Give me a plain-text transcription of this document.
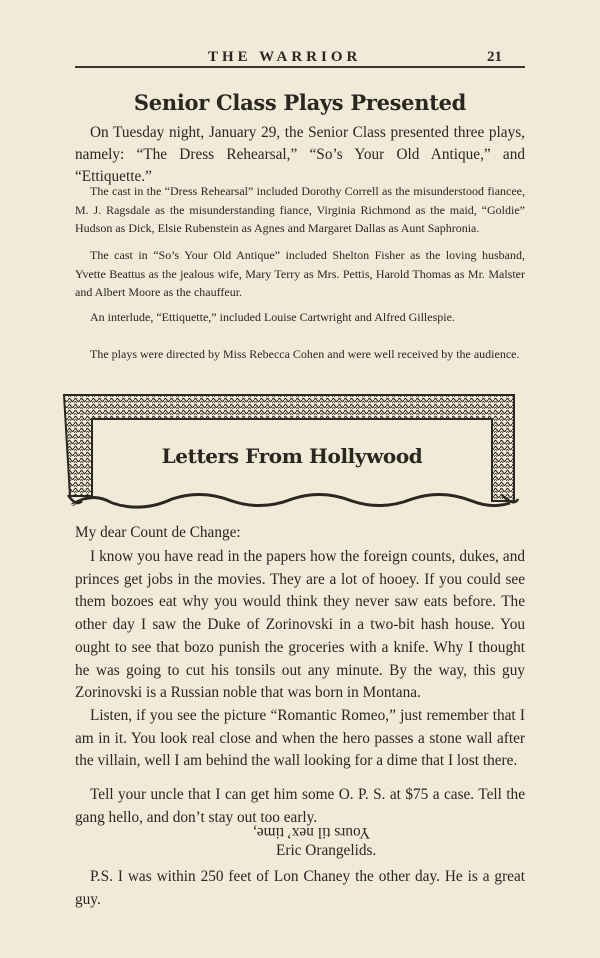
THE WARRIOR	21
Senior Class Plays Presented

On Tuesday night, January 29, the Senior Class presented three plays, namely: “The Dress Rehearsal,” “So’s Your Old Antique,” and “Ettiquette.”

The cast in the “Dress Rehearsal” included Dorothy Correll as the misunderstood fiancee, M. J. Ragsdale as the misunderstanding fiance, Virginia Richmond as the maid, “Goldie” Hudson as Dick, Elsie Rubenstein as Agnes and Margaret Dallas as Aunt Saphronia.

The cast in “So’s Your Old Antique” included Shelton Fisher as the loving husband, Yvette Beattus as the jealous wife, Mary Terry as Mrs. Pettis, Harold Thomas as Mr. Malster and Albert Moore as the chauffeur.

An interlude, “Ettiquette,” included Louise Cartwright and Alfred Gillespie.

The plays were directed by Miss Rebecca Cohen and were well received by the audience.

Letters From Hollywood

My dear Count de Change:

I know you have read in the papers how the foreign counts, dukes, and princes get jobs in the movies. They are a lot of hooey. If you could see them bozoes eat why you would think they never saw eats before. The other day I saw the Duke of Zorinovski in a two-bit hash house. You ought to see that bozo punish the groceries with a knife. Why I thought he was going to cut his tonsils out any minute. By the way, this guy Zorinovski is a Russian noble that was born in Montana.

Listen, if you see the picture “Romantic Romeo,” just remember that I am in it. You look real close and when the hero passes a stone wall after the villain, well I am behind the wall looking for a dime that I lost there.

Tell your uncle that I can get him some O. P. S. at $75 a case. Tell the gang hello, and don’t stay out too early.

Yours til nex’ time,
Eric Orangelids.

P.S. I was within 250 feet of Lon Chaney the other day. He is a great guy.
